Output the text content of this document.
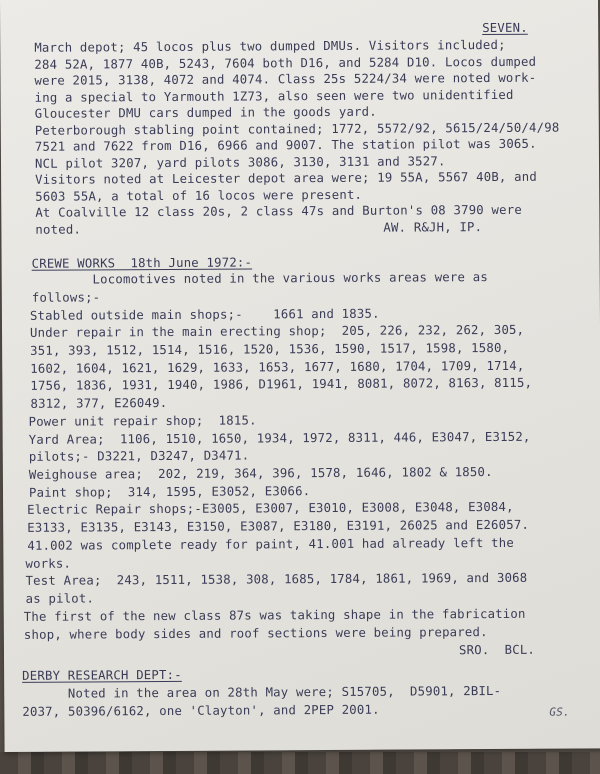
SEVEN.
March depot; 45 locos plus two dumped DMUs. Visitors included;
284 52A, 1877 40B, 5243, 7604 both D16, and 5284 D10. Locos dumped
were 2015, 3138, 4072 and 4074. Class 25s 5224/34 were noted work-
ing a special to Yarmouth 1Z73, also seen were two unidentified
Gloucester DMU cars dumped in the goods yard.
Peterborough stabling point contained; 1772, 5572/92, 5615/24/50/4/98
7521 and 7622 from D16, 6966 and 9007. The station pilot was 3065.
NCL pilot 3207, yard pilots 3086, 3130, 3131 and 3527.
Visitors noted at Leicester depot area were; 19 55A, 5567 40B, and
5603 55A, a total of 16 locos were present.
At Coalville 12 class 20s, 2 class 47s and Burton's 08 3790 were
noted.	AW. R&JH, IP.
CREWE WORKS  18th June 1972:-
Locomotives noted in the various works areas were as
follows;-
Stabled outside main shops;-    1661 and 1835.
Under repair in the main erecting shop;  205, 226, 232, 262, 305,
351, 393, 1512, 1514, 1516, 1520, 1536, 1590, 1517, 1598, 1580,
1602, 1604, 1621, 1629, 1633, 1653, 1677, 1680, 1704, 1709, 1714,
1756, 1836, 1931, 1940, 1986, D1961, 1941, 8081, 8072, 8163, 8115,
8312, 377, E26049.
Power unit repair shop;  1815.
Yard Area;  1106, 1510, 1650, 1934, 1972, 8311, 446, E3047, E3152,
pilots;- D3221, D3247, D3471.
Weighouse area;  202, 219, 364, 396, 1578, 1646, 1802 & 1850.
Paint shop;  314, 1595, E3052, E3066.
Electric Repair shops;-E3005, E3007, E3010, E3008, E3048, E3084,
E3133, E3135, E3143, E3150, E3087, E3180, E3191, 26025 and E26057.
41.002 was complete ready for paint, 41.001 had already left the
works.
Test Area;  243, 1511, 1538, 308, 1685, 1784, 1861, 1969, and 3068
as pilot.
The first of the new class 87s was taking shape in the fabrication
shop, where body sides and roof sections were being prepared.
SRO.  BCL.
DERBY RESEARCH DEPT:-
Noted in the area on 28th May were; S15705,  D5901, 2BIL-
2037, 50396/6162, one 'Clayton', and 2PEP 2001.	GS.
